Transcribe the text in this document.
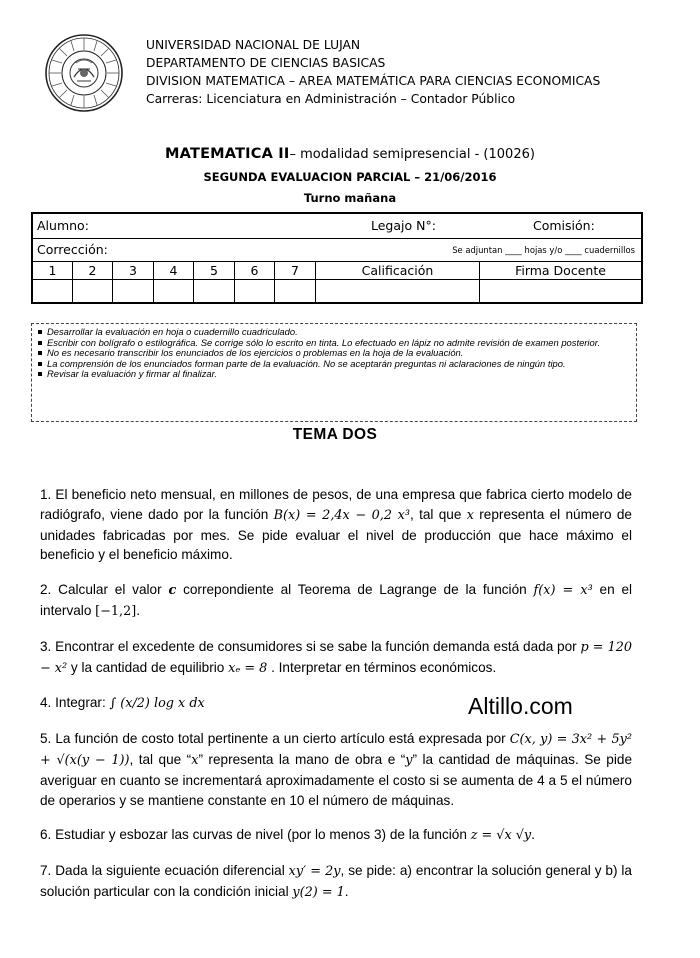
UNIVERSIDAD NACIONAL DE LUJAN
DEPARTAMENTO DE CIENCIAS BASICAS
DIVISION MATEMATICA – AREA MATEMÁTICA PARA CIENCIAS ECONOMICAS
Carreras: Licenciatura en Administración – Contador Público
MATEMATICA II– modalidad semipresencial - (10026)
SEGUNDA EVALUACION PARCIAL – 21/06/2016
Turno mañana
Alumno:	Legajo N°:	Comisión:
Corrección:	Se adjuntan ____ hojas y/o ____ cuadernillos
1	2	3	4	5	6	7	Calificación	Firma Docente
Desarrollar la evaluación en hoja o cuadernillo cuadriculado.
Escribir con bolígrafo o estilográfica. Se corrige sólo lo escrito en tinta. Lo efectuado en lápiz no admite revisión de examen posterior.
No es necesario transcribir los enunciados de los ejercicios o problemas en la hoja de la evaluación.
La comprensión de los enunciados forman parte de la evaluación. No se aceptarán preguntas ni aclaraciones de ningún tipo.
Revisar la evaluación y firmar al finalizar.
TEMA DOS

1. El beneficio neto mensual, en millones de pesos, de una empresa que fabrica cierto modelo de radiógrafo, viene dado por la función B(x) = 2,4x − 0,2 x³, tal que x representa el número de unidades fabricadas por mes. Se pide evaluar el nivel de producción que hace máximo el beneficio y el beneficio máximo.

2. Calcular el valor c correpondiente al Teorema de Lagrange de la función f(x) = x³ en el intervalo [−1,2].

3. Encontrar el excedente de consumidores si se sabe la función demanda está dada por p = 120 − x² y la cantidad de equilibrio xₑ = 8 . Interpretar en términos económicos.

4. Integrar: ∫ (x/2) log x dx

5. La función de costo total pertinente a un cierto artículo está expresada por C(x, y) = 3x² + 5y² + √(x(y − 1)), tal que “x” representa la mano de obra e “y” la cantidad de máquinas. Se pide averiguar en cuanto se incrementará aproximadamente el costo si se aumenta de 4 a 5 el número de operarios y se mantiene constante en 10 el número de máquinas.

6. Estudiar y esbozar las curvas de nivel (por lo menos 3) de la función z = √x √y.

7. Dada la siguiente ecuación diferencial xy′ = 2y, se pide: a) encontrar la solución general y b) la solución particular con la condición inicial y(2) = 1.

Altillo.com
